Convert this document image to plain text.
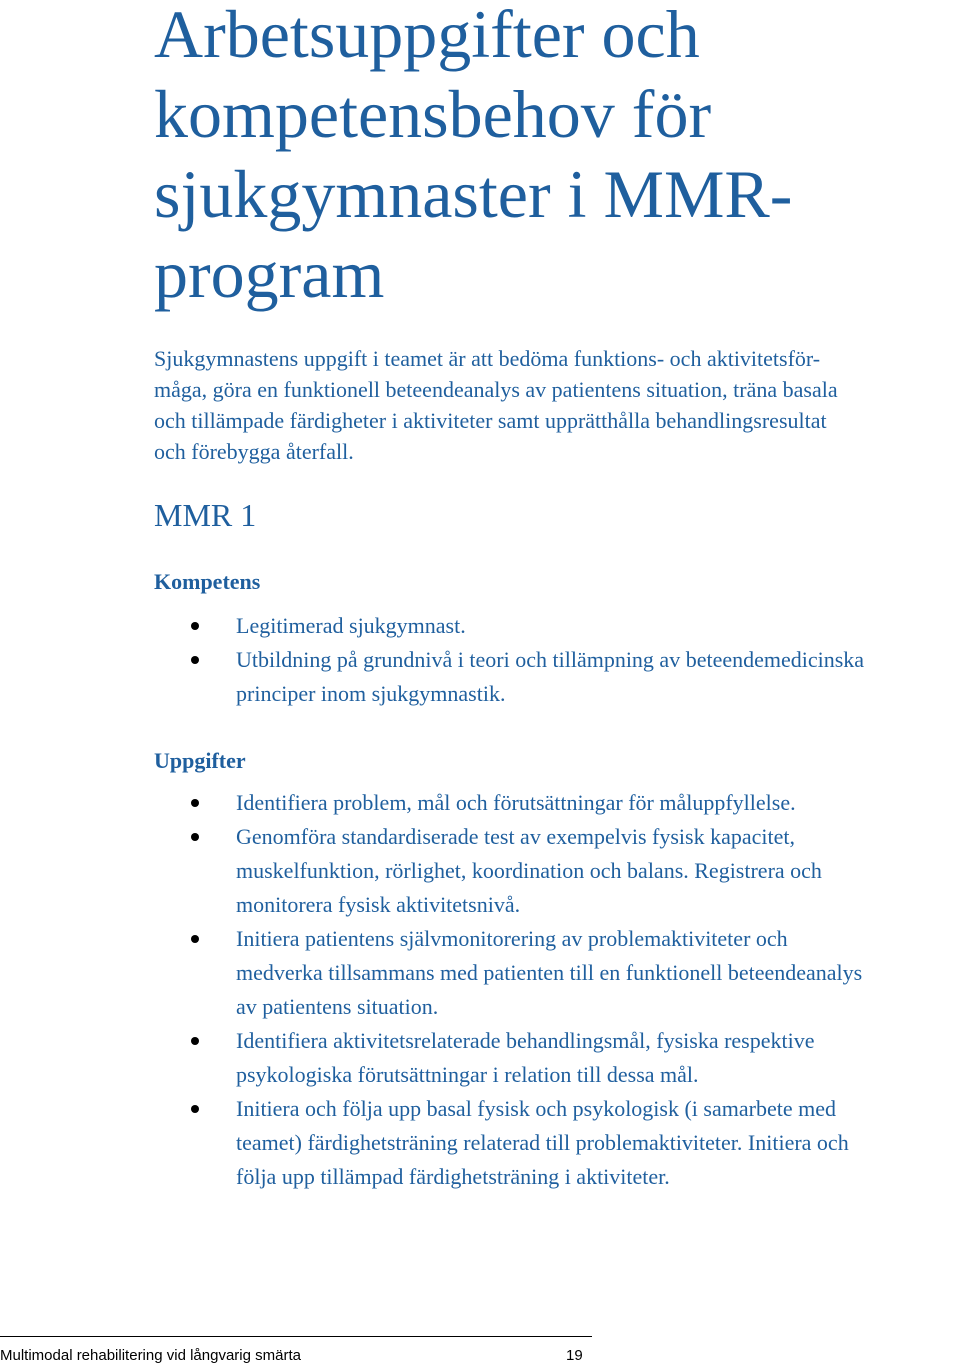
Arbetsuppgifter och
kompetensbehov för
sjukgymnaster i MMR-
program

Sjukgymnastens uppgift i teamet är att bedöma funktions- och aktivitetsför-
måga, göra en funktionell beteendeanalys av patientens situation, träna basala
och tillämpade färdigheter i aktiviteter samt upprätthålla behandlingsresultat
och förebygga återfall.

MMR 1
Kompetens
Legitimerad sjukgymnast.
Utbildning på grundnivå i teori och tillämpning av beteendemedicinska
principer inom sjukgymnastik.
Uppgifter
Identifiera problem, mål och förutsättningar för måluppfyllelse.
Genomföra standardiserade test av exempelvis fysisk kapacitet,
muskelfunktion, rörlighet, koordination och balans. Registrera och
monitorera fysisk aktivitetsnivå.
Initiera patientens självmonitorering av problemaktiviteter och
medverka tillsammans med patienten till en funktionell beteendeanalys
av patientens situation.
Identifiera aktivitetsrelaterade behandlingsmål, fysiska respektive
psykologiska förutsättningar i relation till dessa mål.
Initiera och följa upp basal fysisk och psykologisk (i samarbete med
teamet) färdighetsträning relaterad till problemaktiviteter. Initiera och
följa upp tillämpad färdighetsträning i aktiviteter.
Multimodal rehabilitering vid långvarig smärta	19
